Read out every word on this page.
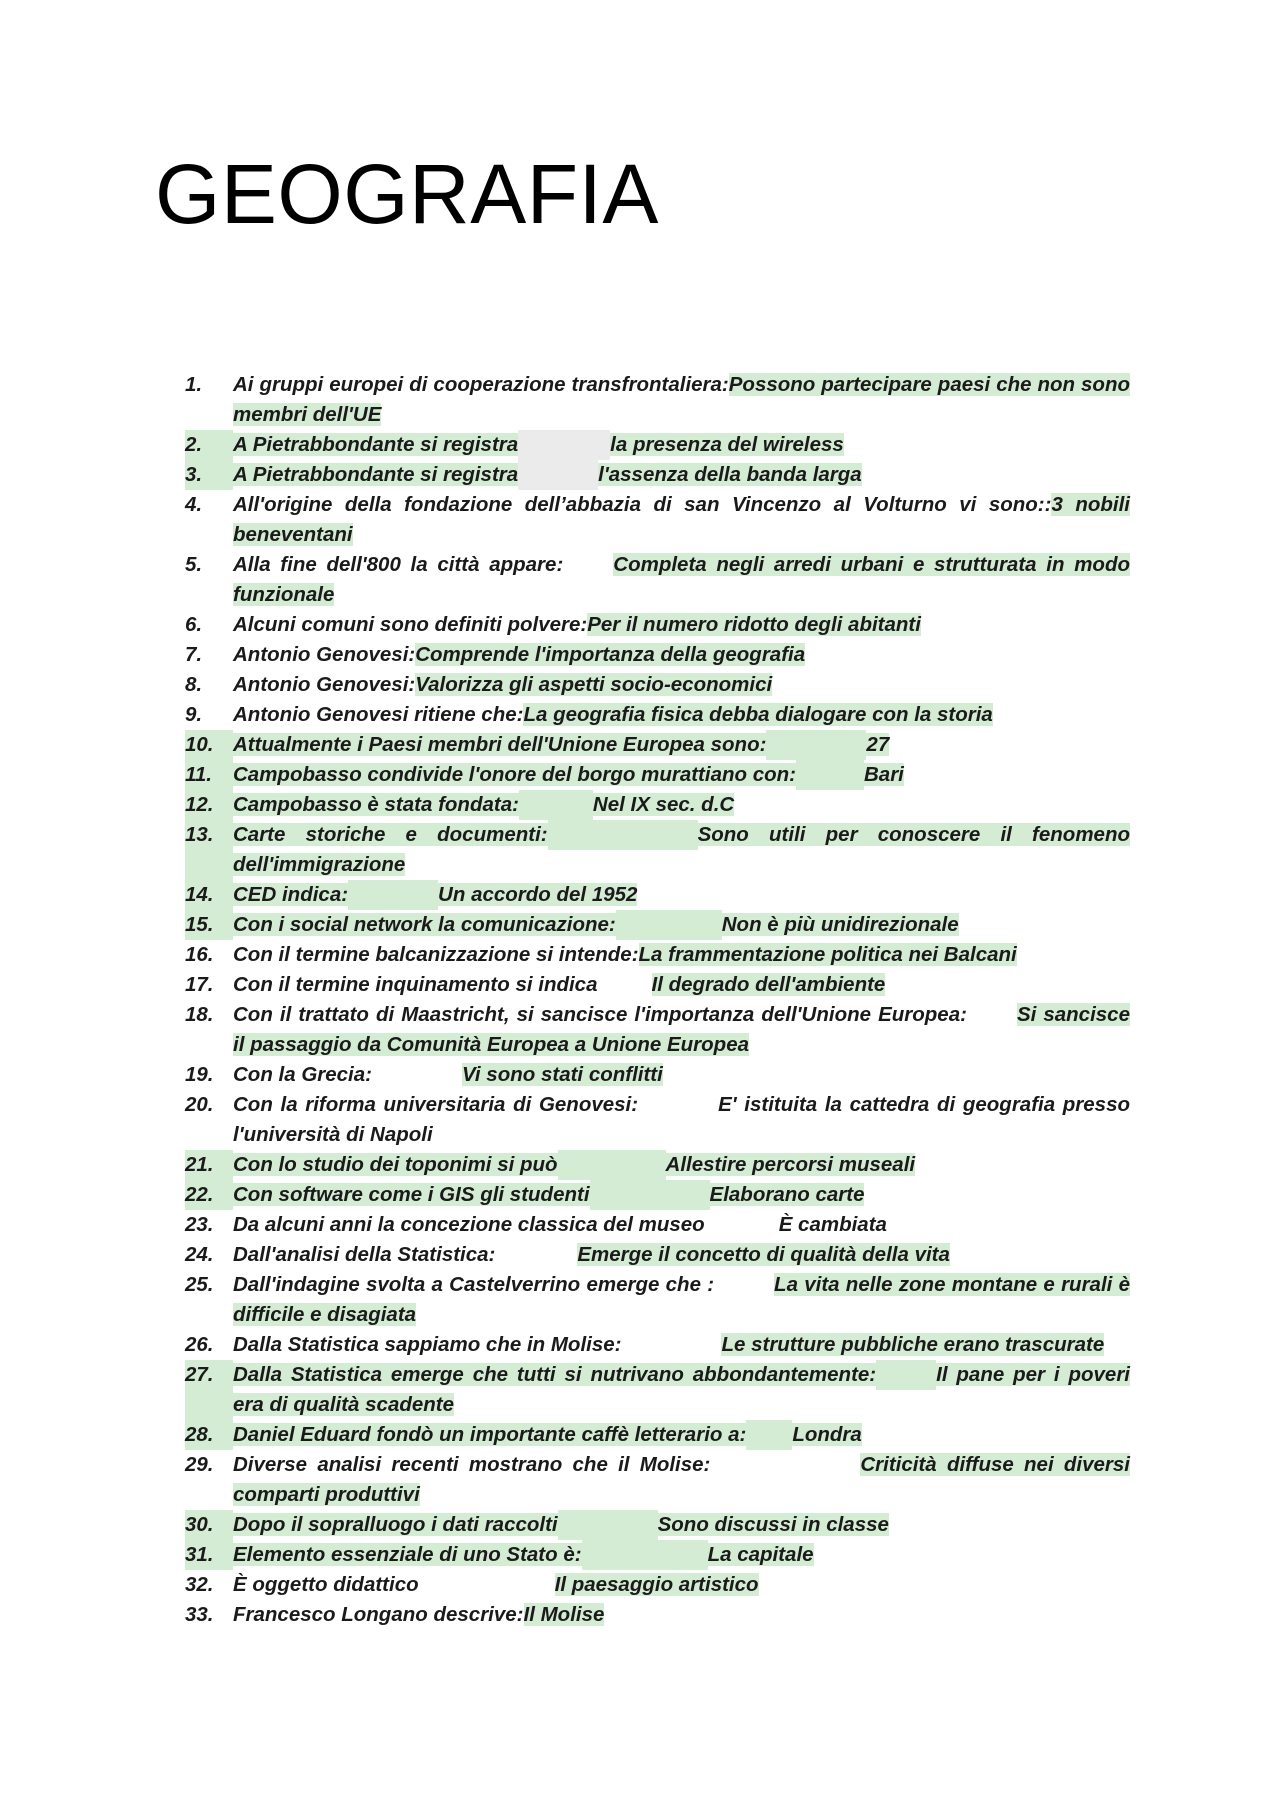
GEOGRAFIA
1.	Ai gruppi europei di cooperazione transfrontaliera:Possono partecipare paesi che non sono membri dell'UE
2.	A Pietrabbondante si registra	la presenza del wireless
3.	A Pietrabbondante si registra	l'assenza della banda larga
4.	All'origine della fondazione dell’abbazia di san Vincenzo al Volturno vi sono::3 nobili beneventani
5.	Alla fine dell'800 la città appare: Completa negli arredi urbani e strutturata in modo funzionale
6.	Alcuni comuni sono definiti polvere:Per il numero ridotto degli abitanti
7.	Antonio Genovesi:Comprende l'importanza della geografia
8.	Antonio Genovesi:Valorizza gli aspetti socio-economici
9.	Antonio Genovesi ritiene che:La geografia fisica debba dialogare con la storia
10. Attualmente i Paesi membri dell'Unione Europea sono:	27
11.	Campobasso condivide l'onore del borgo murattiano con:	Bari
12. Campobasso è stata fondata:	Nel IX sec. d.C
13. Carte storiche e documenti:	Sono utili per conoscere il fenomeno dell'immigrazione
14. CED indica:	Un accordo del 1952
15. Con i social network la comunicazione:	Non è più unidirezionale
16. Con il termine balcanizzazione si intende:La frammentazione politica nei Balcani
17. Con il termine inquinamento si indica	Il degrado dell'ambiente
18. Con il trattato di Maastricht, si sancisce l'importanza dell'Unione Europea: Si sancisce il passaggio da Comunità Europea a Unione Europea
19. Con la Grecia:	Vi sono stati conflitti
20. Con la riforma universitaria di Genovesi:	E' istituita la cattedra di geografia presso l'università di Napoli
21. Con lo studio dei toponimi si può	Allestire percorsi museali
22. Con software come i GIS gli studenti	Elaborano carte
23. Da alcuni anni la concezione classica del museo	È cambiata
24. Dall'analisi della Statistica:	Emerge il concetto di qualità della vita
25. Dall'indagine svolta a Castelverrino emerge che :	La vita nelle zone montane e rurali è difficile e disagiata
26. Dalla Statistica sappiamo che in Molise:	Le strutture pubbliche erano trascurate
27. Dalla Statistica emerge che tutti si nutrivano abbondantemente:	Il pane per i poveri era di qualità scadente
28. Daniel Eduard fondò un importante caffè letterario a: Londra
29. Diverse analisi recenti mostrano che il Molise:	Criticità diffuse nei diversi comparti produttivi
30. Dopo il sopralluogo i dati raccolti	Sono discussi in classe
31. Elemento essenziale di uno Stato è:	La capitale
32. È oggetto didattico	Il paesaggio artistico
33. Francesco Longano descrive:Il Molise
